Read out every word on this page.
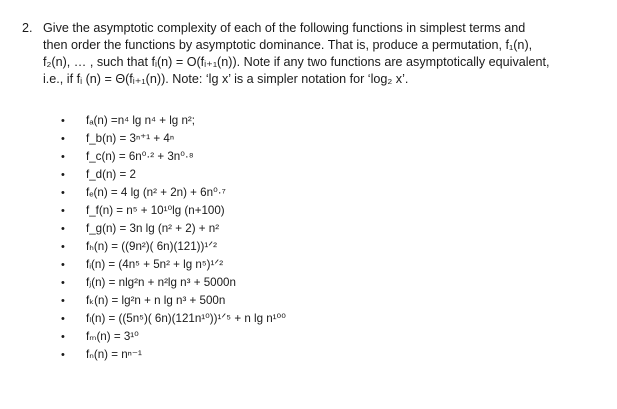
2. Give the asymptotic complexity of each of the following functions in simplest terms and
then order the functions by asymptotic dominance. That is, produce a permutation, f₁(n),
f₂(n), … , such that fᵢ(n) = O(fᵢ₊₁(n)). Note if any two functions are asymptotically equivalent,
i.e., if fᵢ (n) = Θ(fᵢ₊₁(n)). Note: ‘lg x’ is a simpler notation for ‘log₂ x’.
• fₐ(n) =n⁴ lg n⁴ + lg n²;
• f_b(n) = 3ⁿ⁺¹ + 4ⁿ
• f_c(n) = 6n⁰·² + 3n⁰·⁸
• f_d(n) = 2
• fₑ(n) = 4 lg (n² + 2n) + 6n⁰·⁷
• f_f(n) = n⁵ + 10¹⁰lg (n+100)
• f_g(n) = 3n lg (n² + 2) + n²
• fₕ(n) = ((9n²)( 6n)(121))¹ᐟ²
• fᵢ(n) = (4n⁵ + 5n² + lg n⁵)¹ᐟ²
• fⱼ(n) = nlg²n + n²lg n³ + 5000n
• fₖ(n) = lg²n + n lg n³ + 500n
• fₗ(n) = ((5n⁵)( 6n)(121n¹⁰))¹ᐟ⁵ + n lg n¹⁰⁰
• fₘ(n) = 3¹⁰
• fₙ(n) = nⁿ⁻¹
